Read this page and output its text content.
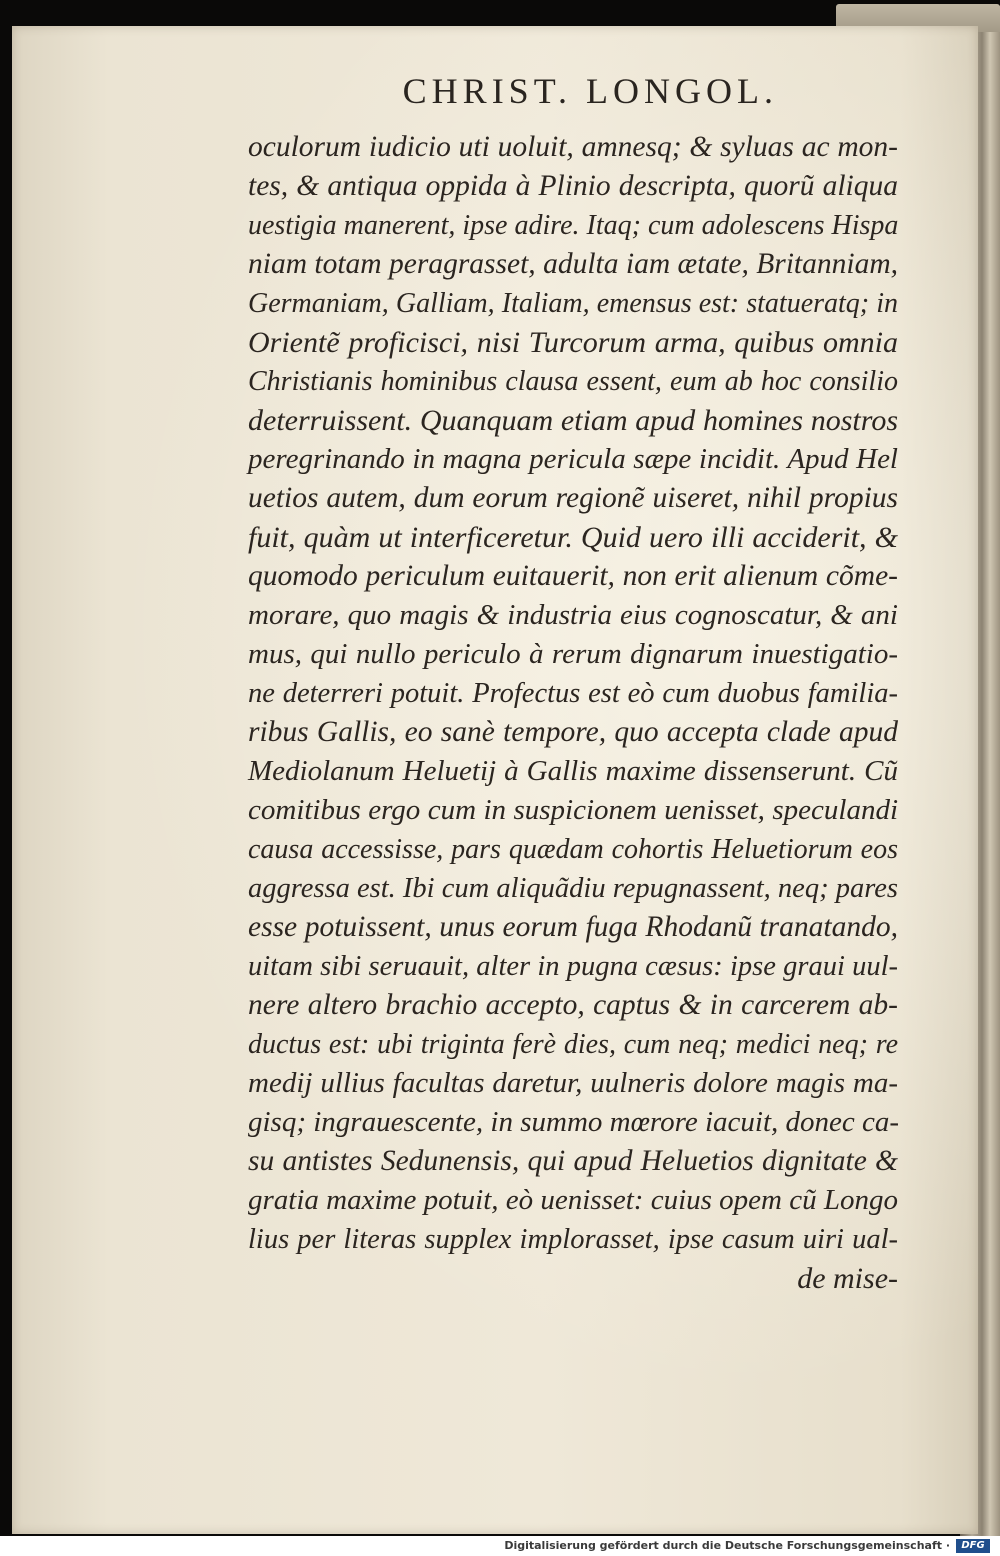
CHRIST. LONGOL.
oculorum iudicio uti uoluit, amnesq; & syluas ac mon-
tes, & antiqua oppida à Plinio descripta, quorũ aliqua
uestigia manerent, ipse adire. Itaq; cum adolescens Hispa
niam totam peragrasset, adulta iam ætate, Britanniam,
Germaniam, Galliam, Italiam, emensus est: statueratq; in
Orientẽ proficisci, nisi Turcorum arma, quibus omnia
Christianis hominibus clausa essent, eum ab hoc consilio
deterruissent. Quanquam etiam apud homines nostros
peregrinando in magna pericula sæpe incidit. Apud Hel
uetios autem, dum eorum regionẽ uiseret, nihil propius
fuit, quàm ut interficeretur. Quid uero illi acciderit, &
quomodo periculum euitauerit, non erit alienum cõme-
morare, quo magis & industria eius cognoscatur, & ani
mus, qui nullo periculo à rerum dignarum inuestigatio-
ne deterreri potuit. Profectus est eò cum duobus familia-
ribus Gallis, eo sanè tempore, quo accepta clade apud
Mediolanum Heluetij à Gallis maxime dissenserunt. Cũ
comitibus ergo cum in suspicionem uenisset, speculandi
causa accessisse, pars quædam cohortis Heluetiorum eos
aggressa est. Ibi cum aliquãdiu repugnassent, neq; pares
esse potuissent, unus eorum fuga Rhodanũ tranatando,
uitam sibi seruauit, alter in pugna cæsus: ipse graui uul-
nere altero brachio accepto, captus & in carcerem ab-
ductus est: ubi triginta ferè dies, cum neq; medici neq; re
medij ullius facultas daretur, uulneris dolore magis ma-
gisq; ingrauescente, in summo mœrore iacuit, donec ca-
su antistes Sedunensis, qui apud Heluetios dignitate &
gratia maxime potuit, eò uenisset: cuius opem cũ Longo
lius per literas supplex implorasset, ipse casum uiri ual-
de mise-
Digitalisierung gefördert durch die Deutsche Forschungsgemeinschaft ·	DFG
